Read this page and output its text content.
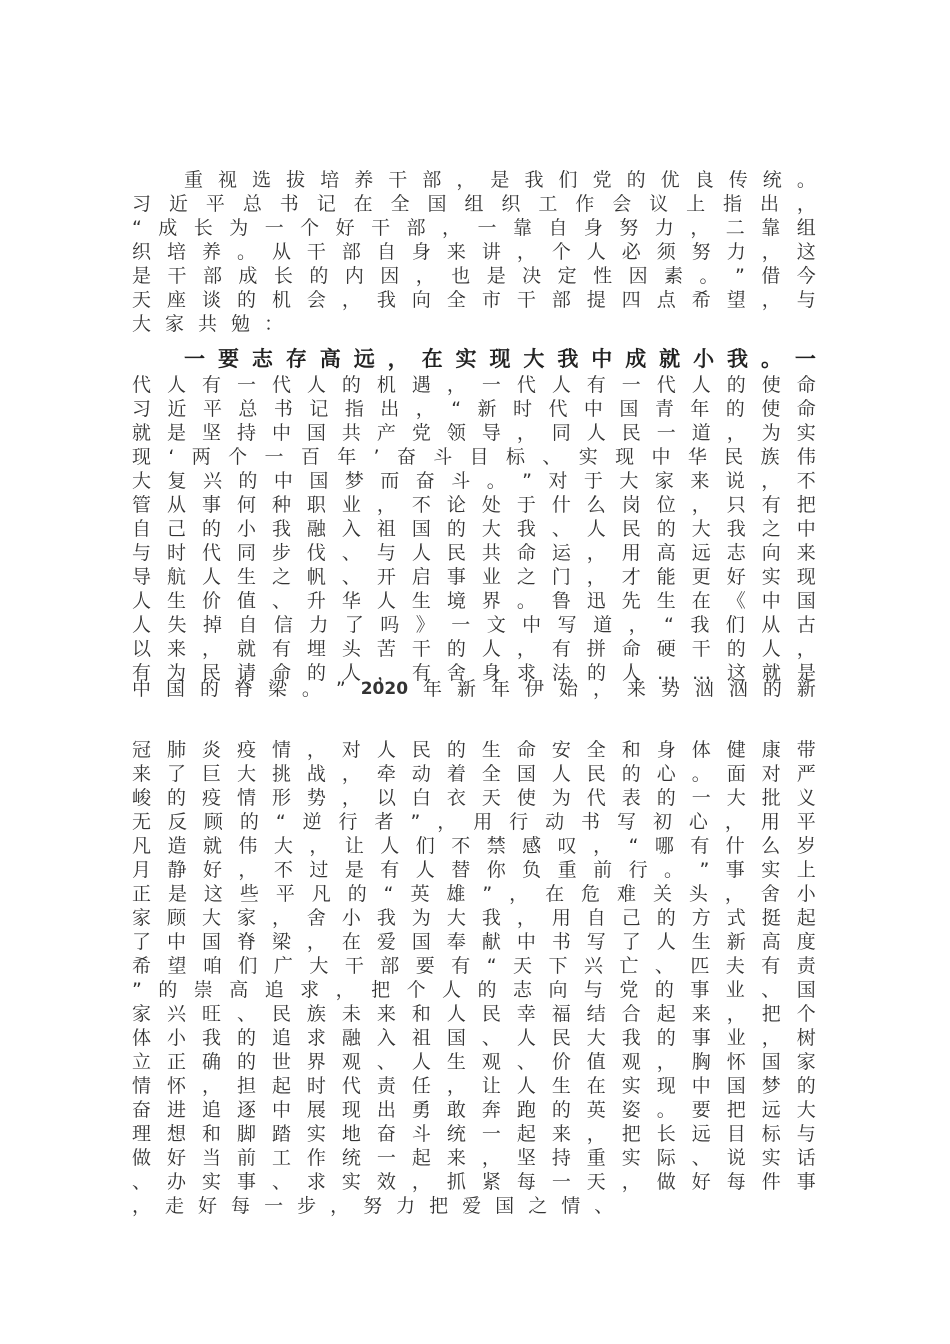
重 视 选 拔 培 养 干 部 ， 是 我 们 党 的 优 良 传 统 。
习 近 平 总 书 记 在 全 国 组 织 工 作 会 议 上 指 出 ，
“ 成 长 为 一 个 好 干 部 ， 一 靠 自 身 努 力 ， 二 靠 组
织 培 养 。 从 干 部 自 身 来 讲 ， 个 人 必 须 努 力 ， 这
是 干 部 成 长 的 内 因 ， 也 是 决 定 性 因 素 。 ” 借 今
天 座 谈 的 机 会 ， 我 向 全 市 干 部 提 四 点 希 望 ， 与
大 家 共 勉 ：
一 要 志 存 高 远 ， 在 实 现 大 我 中 成 就 小 我 。 一
代 人 有 一 代 人 的 机 遇 ， 一 代 人 有 一 代 人 的 使 命
习 近 平 总 书 记 指 出 ， “ 新 时 代 中 国 青 年 的 使 命
就 是 坚 持 中 国 共 产 党 领 导 ， 同 人 民 一 道 ， 为 实
现 ‘ 两 个 一 百 年 ’ 奋 斗 目 标 、 实 现 中 华 民 族 伟
大 复 兴 的 中 国 梦 而 奋 斗 。 ” 对 于 大 家 来 说 ， 不
管 从 事 何 种 职 业 ， 不 论 处 于 什 么 岗 位 ， 只 有 把
自 己 的 小 我 融 入 祖 国 的 大 我 、 人 民 的 大 我 之 中
与 时 代 同 步 伐 、 与 人 民 共 命 运 ， 用 高 远 志 向 来
导 航 人 生 之 帆 、 开 启 事 业 之 门 ， 才 能 更 好 实 现
人 生 价 值 、 升 华 人 生 境 界 。 鲁 迅 先 生 在 《 中 国
人 失 掉 自 信 力 了 吗 》 一 文 中 写 道 ， “ 我 们 从 古
以 来 ， 就 有 埋 头 苦 干 的 人 ， 有 拼 命 硬 干 的 人 ，
有 为 民 请 命 的 人 ， 有 舍 身 求 法 的 人 … … 这 就 是
中 国 的 脊 梁 。 ” 2020 年 新 年 伊 始 ， 来 势 汹 汹 的 新
冠 肺 炎 疫 情 ， 对 人 民 的 生 命 安 全 和 身 体 健 康 带
来 了 巨 大 挑 战 ， 牵 动 着 全 国 人 民 的 心 。 面 对 严
峻 的 疫 情 形 势 ， 以 白 衣 天 使 为 代 表 的 一 大 批 义
无 反 顾 的 “ 逆 行 者 ” ， 用 行 动 书 写 初 心 ， 用 平
凡 造 就 伟 大 ， 让 人 们 不 禁 感 叹 ， “ 哪 有 什 么 岁
月 静 好 ， 不 过 是 有 人 替 你 负 重 前 行 。 ” 事 实 上
正 是 这 些 平 凡 的 “ 英 雄 ” ， 在 危 难 关 头 ， 舍 小
家 顾 大 家 ， 舍 小 我 为 大 我 ， 用 自 己 的 方 式 挺 起
了 中 国 脊 梁 ， 在 爱 国 奉 献 中 书 写 了 人 生 新 高 度
希 望 咱 们 广 大 干 部 要 有 “ 天 下 兴 亡 、 匹 夫 有 责
” 的 崇 高 追 求 ， 把 个 人 的 志 向 与 党 的 事 业 、 国
家 兴 旺 、 民 族 未 来 和 人 民 幸 福 结 合 起 来 ， 把 个
体 小 我 的 追 求 融 入 祖 国 、 人 民 大 我 的 事 业 ， 树
立 正 确 的 世 界 观 、 人 生 观 、 价 值 观 ， 胸 怀 国 家
情 怀 ， 担 起 时 代 责 任 ， 让 人 生 在 实 现 中 国 梦 的
奋 进 追 逐 中 展 现 出 勇 敢 奔 跑 的 英 姿 。 要 把 远 大
理 想 和 脚 踏 实 地 奋 斗 统 一 起 来 ， 把 长 远 目 标 与
做 好 当 前 工 作 统 一 起 来 ， 坚 持 重 实 际 、 说 实 话
、 办 实 事 、 求 实 效 ， 抓 紧 每 一 天 ， 做 好 每 件 事
， 走 好 每 一 步 ， 努 力 把 爱 国 之 情 、
